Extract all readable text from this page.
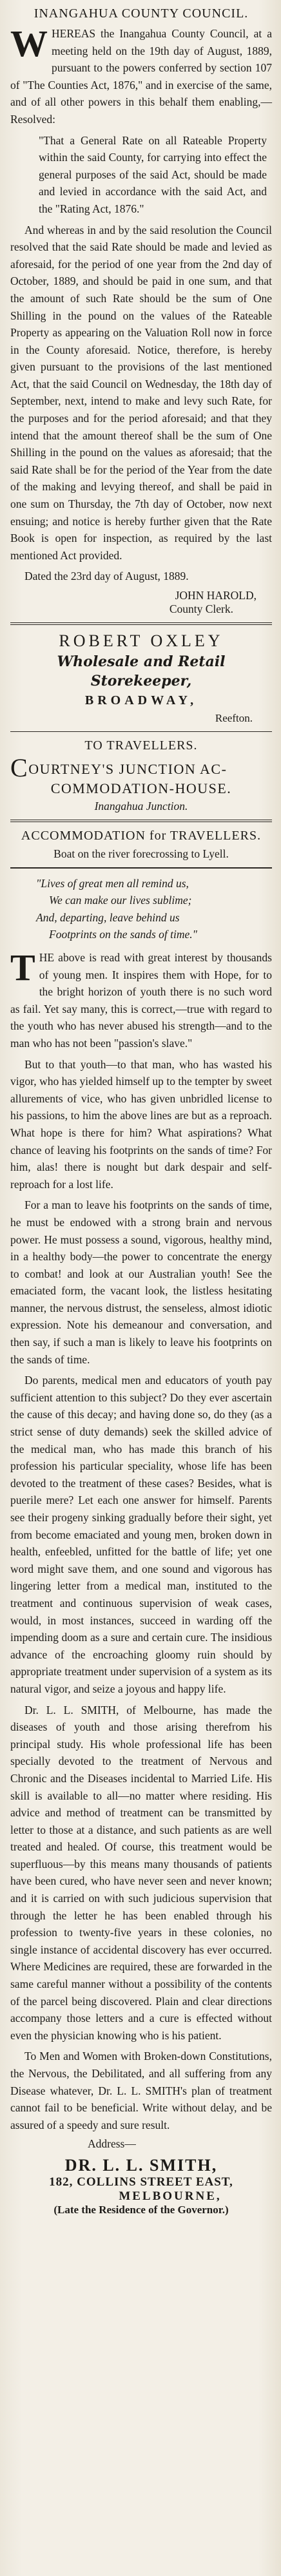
INANGAHUA COUNTY COUNCIL.

WHEREAS the Inangahua County Council, at a meeting held on the 19th day of August, 1889, pursuant to the powers conferred by section 107 of "The Counties Act, 1876," and in exercise of the same, and of all other powers in this behalf them enabling,—Resolved:

"That a General Rate on all Rateable Property within the said County, for carrying into effect the general purposes of the said Act, should be made and levied in accordance with the said Act, and the "Rating Act, 1876."

And whereas in and by the said resolution the Council resolved that the said Rate should be made and levied as aforesaid, for the period of one year from the 2nd day of October, 1889, and should be paid in one sum, and that the amount of such Rate should be the sum of One Shilling in the pound on the values of the Rateable Property as appearing on the Valuation Roll now in force in the County aforesaid. Notice, therefore, is hereby given pursuant to the provisions of the last mentioned Act, that the said Council on Wednesday, the 18th day of September, next, intend to make and levy such Rate, for the purposes and for the period aforesaid; and that they intend that the amount thereof shall be the sum of One Shilling in the pound on the values as aforesaid; that the said Rate shall be for the period of the Year from the date of the making and levying thereof, and shall be paid in one sum on Thursday, the 7th day of October, now next ensuing; and notice is hereby further given that the Rate Book is open for inspection, as required by the last mentioned Act provided.

Dated the 23rd day of August, 1889.

JOHN HAROLD,
County Clerk.
ROBERT OXLEY
Wholesale and Retail
Storekeeper,
BROADWAY,
Reefton.
TO TRAVELLERS.
COURTNEY'S JUNCTION AC-
COMMODATION-HOUSE.
Inangahua Junction.
ACCOMMODATION for TRAVELLERS.
Boat on the river forecrossing to Lyell.
"Lives of great men all remind us,
We can make our lives sublime;
And, departing, leave behind us
Footprints on the sands of time."

THE above is read with great interest by thousands of young men. It inspires them with Hope, for to the bright horizon of youth there is no such word as fail. Yet say many, this is correct,—true with regard to the youth who has never abused his strength—and to the man who has not been "passion's slave."

But to that youth—to that man, who has wasted his vigor, who has yielded himself up to the tempter by sweet allurements of vice, who has given unbridled license to his passions, to him the above lines are but as a reproach. What hope is there for him? What aspirations? What chance of leaving his footprints on the sands of time? For him, alas! there is nought but dark despair and self-reproach for a lost life.

For a man to leave his footprints on the sands of time, he must be endowed with a strong brain and nervous power. He must possess a sound, vigorous, healthy mind, in a healthy body—the power to concentrate the energy to combat! and look at our Australian youth! See the emaciated form, the vacant look, the listless hesitating manner, the nervous distrust, the senseless, almost idiotic expression. Note his demeanour and conversation, and then say, if such a man is likely to leave his footprints on the sands of time.

Do parents, medical men and educators of youth pay sufficient attention to this subject? Do they ever ascertain the cause of this decay; and having done so, do they (as a strict sense of duty demands) seek the skilled advice of the medical man, who has made this branch of his profession his particular speciality, whose life has been devoted to the treatment of these cases? Besides, what is puerile mere? Let each one answer for himself. Parents see their progeny sinking gradually before their sight, yet from become emaciated and young men, broken down in health, enfeebled, unfitted for the battle of life; yet one word might save them, and one sound and vigorous has lingering letter from a medical man, instituted to the treatment and continuous supervision of weak cases, would, in most instances, succeed in warding off the impending doom as a sure and certain cure. The insidious advance of the encroaching gloomy ruin should by appropriate treatment under supervision of a system as its natural vigor, and seize a joyous and happy life.

Dr. L. L. SMITH, of Melbourne, has made the diseases of youth and those arising therefrom his principal study. His whole professional life has been specially devoted to the treatment of Nervous and Chronic and the Diseases incidental to Married Life. His skill is available to all—no matter where residing. His advice and method of treatment can be transmitted by letter to those at a distance, and such patients as are well treated and healed. Of course, this treatment would be superfluous—by this means many thousands of patients have been cured, who have never seen and never known; and it is carried on with such judicious supervision that through the letter he has been enabled through his profession to twenty-five years in these colonies, no single instance of accidental discovery has ever occurred. Where Medicines are required, these are forwarded in the same careful manner without a possibility of the contents of the parcel being discovered. Plain and clear directions accompany those letters and a cure is effected without even the physician knowing who is his patient.

To Men and Women with Broken-down Constitutions, the Nervous, the Debilitated, and all suffering from any Disease whatever, Dr. L. L. SMITH's plan of treatment cannot fail to be beneficial. Write without delay, and be assured of a speedy and sure result.

Address—
DR. L. L. SMITH,
182, COLLINS STREET EAST,
MELBOURNE,
(Late the Residence of the Governor.)
